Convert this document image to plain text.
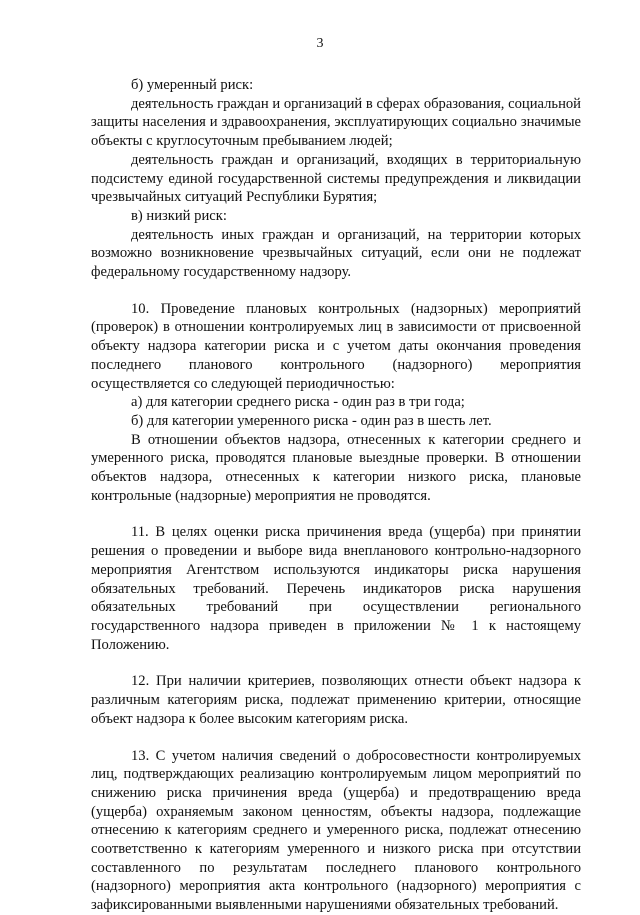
3

б) умеренный риск:

деятельность граждан и организаций в сферах образования, социальной защиты населения и здравоохранения, эксплуатирующих социально значимые объекты с круглосуточным пребыванием людей;

деятельность граждан и организаций, входящих в территориальную подсистему единой государственной системы предупреждения и ликвидации чрезвычайных ситуаций Республики Бурятия;

в) низкий риск:

деятельность иных граждан и организаций, на территории которых возможно возникновение чрезвычайных ситуаций, если они не подлежат федеральному государственному надзору.

10. Проведение плановых контрольных (надзорных) мероприятий (проверок) в отношении контролируемых лиц в зависимости от присвоенной объекту надзора категории риска и с учетом даты окончания проведения последнего планового контрольного (надзорного) мероприятия осуществляется со следующей периодичностью:

а) для категории среднего риска - один раз в три года;

б) для категории умеренного риска - один раз в шесть лет.

В отношении объектов надзора, отнесенных к категории среднего и умеренного риска, проводятся плановые выездные проверки. В отношении объектов надзора, отнесенных к категории низкого риска, плановые контрольные (надзорные) мероприятия не проводятся.

11. В целях оценки риска причинения вреда (ущерба) при принятии решения о проведении и выборе вида внепланового контрольно-надзорного мероприятия Агентством используются индикаторы риска нарушения обязательных требований. Перечень индикаторов риска нарушения обязательных требований при осуществлении регионального государственного надзора приведен в приложении № 1 к настоящему Положению.

12. При наличии критериев, позволяющих отнести объект надзора к различным категориям риска, подлежат применению критерии, относящие объект надзора к более высоким категориям риска.

13. С учетом наличия сведений о добросовестности контролируемых лиц, подтверждающих реализацию контролируемым лицом мероприятий по снижению риска причинения вреда (ущерба) и предотвращению вреда (ущерба) охраняемым законом ценностям, объекты надзора, подлежащие отнесению к категориям среднего и умеренного риска, подлежат отнесению соответственно к категориям умеренного и низкого риска при отсутствии составленного по результатам последнего планового контрольного (надзорного) мероприятия акта контрольного (надзорного) мероприятия с зафиксированными выявленными нарушениями обязательных требований.
